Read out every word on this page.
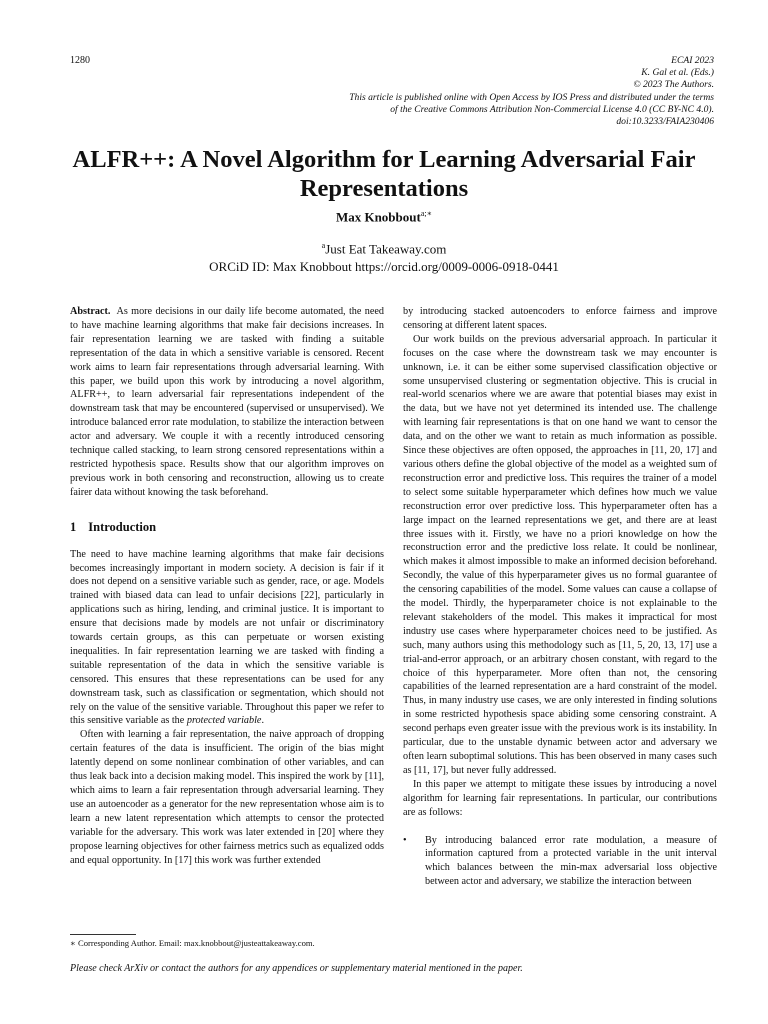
1280	ECAI 2023
K. Gal et al. (Eds.)
© 2023 The Authors.
This article is published online with Open Access by IOS Press and distributed under the terms
of the Creative Commons Attribution Non-Commercial License 4.0 (CC BY-NC 4.0).
doi:10.3233/FAIA230406
ALFR++: A Novel Algorithm for Learning Adversarial Fair Representations
Max Knobbout$^{a;∗}$
$^a$Just Eat Takeaway.com
ORCiD ID: Max Knobbout https://orcid.org/0009-0006-0918-0441

Abstract. As more decisions in our daily life become automated, the need to have machine learning algorithms that make fair decisions increases. In fair representation learning we are tasked with finding a suitable representation of the data in which a sensitive variable is censored. Recent work aims to learn fair representations through adversarial learning. With this paper, we build upon this work by introducing a novel algorithm, ALFR++, to learn adversarial fair representations independent of the downstream task that may be encountered (supervised or unsupervised). We introduce balanced error rate modulation, to stabilize the interaction between actor and adversary. We couple it with a recently introduced censoring technique called stacking, to learn strong censored representations within a restricted hypothesis space. Results show that our algorithm improves on previous work in both censoring and reconstruction, allowing us to create fairer data without knowing the task beforehand.

1 Introduction

The need to have machine learning algorithms that make fair decisions becomes increasingly important in modern society. A decision is fair if it does not depend on a sensitive variable such as gender, race, or age. Models trained with biased data can lead to unfair decisions [22], particularly in applications such as hiring, lending, and criminal justice. It is important to ensure that decisions made by models are not unfair or discriminatory towards certain groups, as this can perpetuate or worsen existing inequalities. In fair representation learning we are tasked with finding a suitable representation of the data in which the sensitive variable is censored. This ensures that these representations can be used for any downstream task, such as classification or segmentation, which should not rely on the value of the sensitive variable. Throughout this paper we refer to this sensitive variable as the protected variable.

Often with learning a fair representation, the naive approach of dropping certain features of the data is insufficient. The origin of the bias might latently depend on some nonlinear combination of other variables, and can thus leak back into a decision making model. This inspired the work by [11], which aims to learn a fair representation through adversarial learning. They use an autoencoder as a generator for the new representation whose aim is to learn a new latent representation which attempts to censor the protected variable for the adversary. This work was later extended in [20] where they propose learning objectives for other fairness metrics such as equalized odds and equal opportunity. In [17] this work was further extended

by introducing stacked autoencoders to enforce fairness and improve censoring at different latent spaces.

Our work builds on the previous adversarial approach. In particular it focuses on the case where the downstream task we may encounter is unknown, i.e. it can be either some supervised classification objective or some unsupervised clustering or segmentation objective. This is crucial in real-world scenarios where we are aware that potential biases may exist in the data, but we have not yet determined its intended use. The challenge with learning fair representations is that on one hand we want to censor the data, and on the other we want to retain as much information as possible. Since these objectives are often opposed, the approaches in [11, 20, 17] and various others define the global objective of the model as a weighted sum of reconstruction error and predictive loss. This requires the trainer of a model to select some suitable hyperparameter which defines how much we value reconstruction error over predictive loss. This hyperparameter often has a large impact on the learned representations we get, and there are at least three issues with it. Firstly, we have no a priori knowledge on how the reconstruction error and the predictive loss relate. It could be nonlinear, which makes it almost impossible to make an informed decision beforehand. Secondly, the value of this hyperparameter gives us no formal guarantee of the censoring capabilities of the model. Some values can cause a collapse of the model. Thirdly, the hyperparameter choice is not explainable to the relevant stakeholders of the model. This makes it impractical for most industry use cases where hyperparameter choices need to be justified. As such, many authors using this methodology such as [11, 5, 20, 13, 17] use a trial-and-error approach, or an arbitrary chosen constant, with regard to the choice of this hyperparameter. More often than not, the censoring capabilities of the learned representation are a hard constraint of the model. Thus, in many industry use cases, we are only interested in finding solutions in some restricted hypothesis space abiding some censoring constraint. A second perhaps even greater issue with the previous work is its instability. In particular, due to the unstable dynamic between actor and adversary we often learn suboptimal solutions. This has been observed in many cases such as [11, 17], but never fully addressed.

In this paper we attempt to mitigate these issues by introducing a novel algorithm for learning fair representations. In particular, our contributions are as follows:

• By introducing balanced error rate modulation, a measure of information captured from a protected variable in the unit interval which balances between the min-max adversarial loss objective between actor and adversary, we stabilize the interaction between
∗ Corresponding Author. Email: max.knobbout@justeattakeaway.com.
Please check ArXiv or contact the authors for any appendices or supplementary material mentioned in the paper.
